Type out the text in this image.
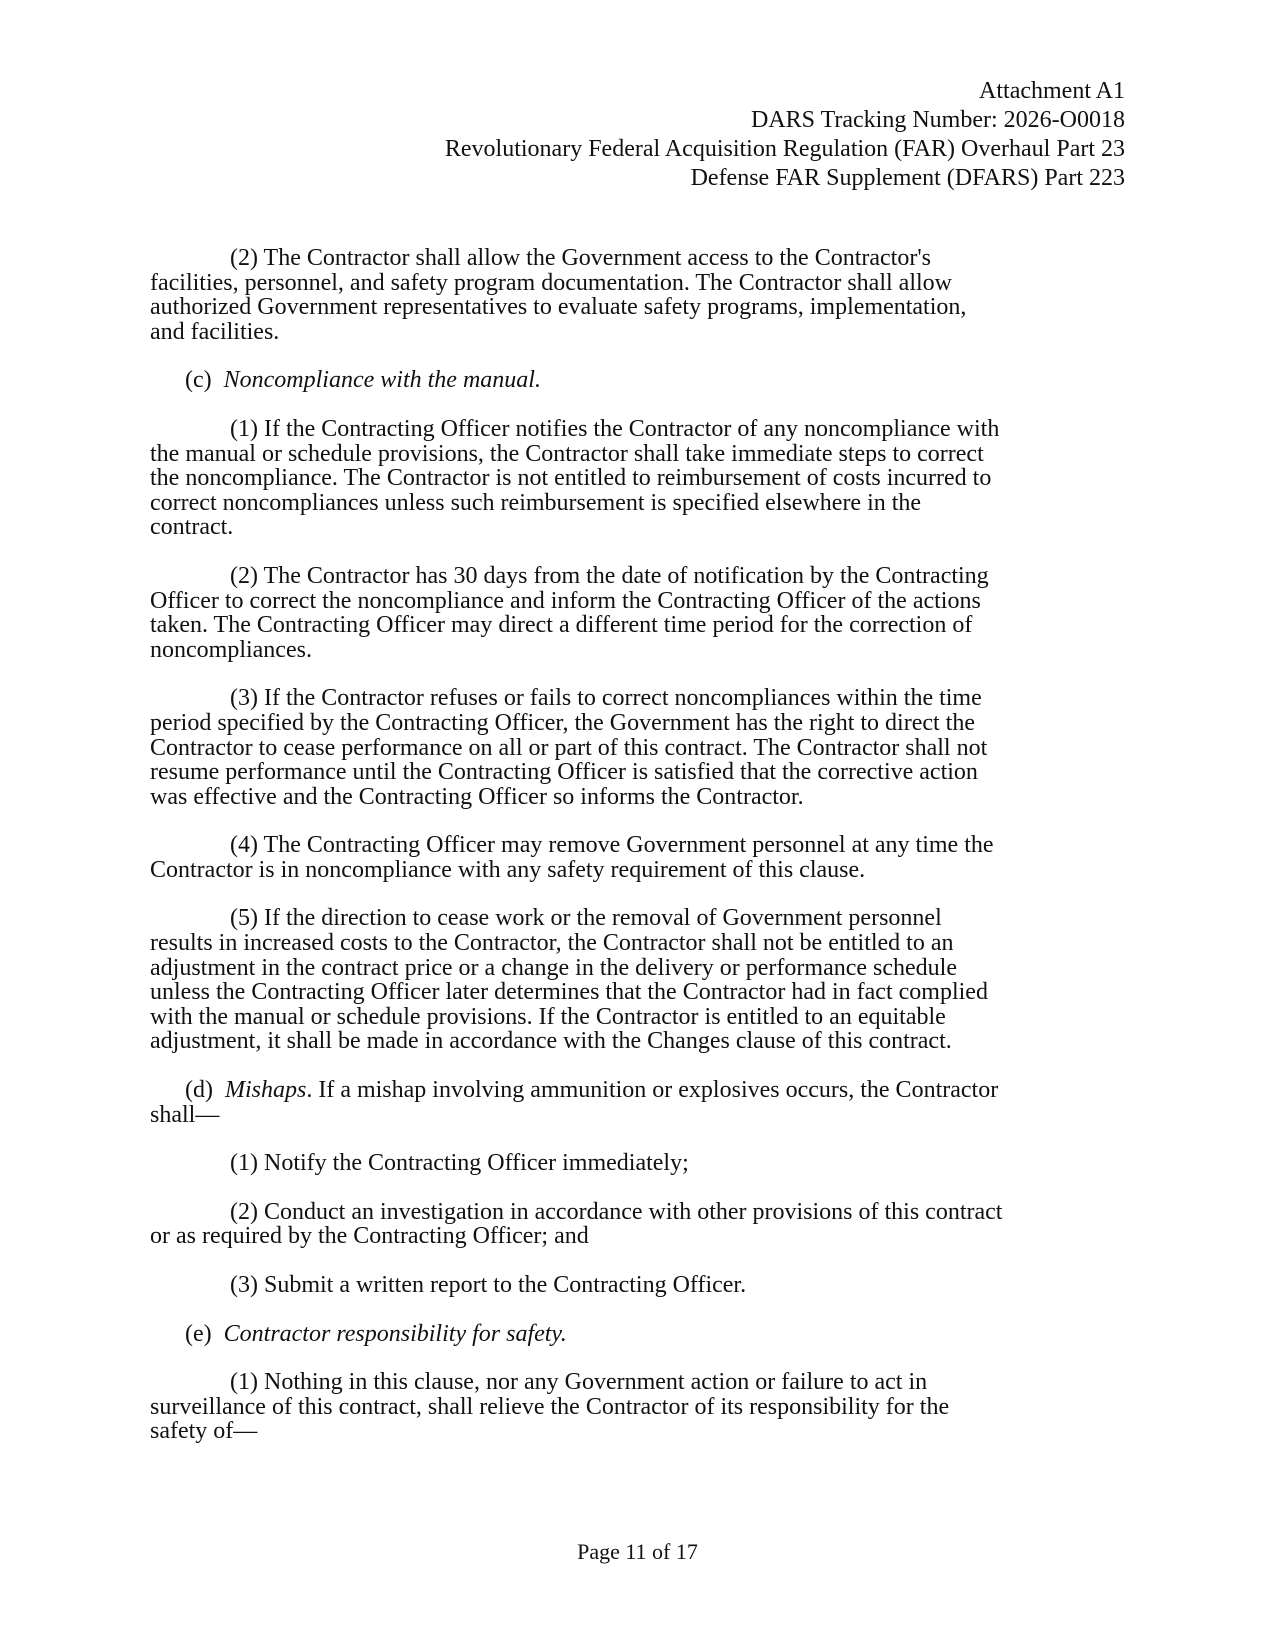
Attachment A1
DARS Tracking Number: 2026-O0018
Revolutionary Federal Acquisition Regulation (FAR) Overhaul Part 23
Defense FAR Supplement (DFARS) Part 223
(2) The Contractor shall allow the Government access to the Contractor's
facilities, personnel, and safety program documentation. The Contractor shall allow
authorized Government representatives to evaluate safety programs, implementation,
and facilities.
(c) Noncompliance with the manual.
(1) If the Contracting Officer notifies the Contractor of any noncompliance with
the manual or schedule provisions, the Contractor shall take immediate steps to correct
the noncompliance. The Contractor is not entitled to reimbursement of costs incurred to
correct noncompliances unless such reimbursement is specified elsewhere in the
contract.
(2) The Contractor has 30 days from the date of notification by the Contracting
Officer to correct the noncompliance and inform the Contracting Officer of the actions
taken. The Contracting Officer may direct a different time period for the correction of
noncompliances.
(3) If the Contractor refuses or fails to correct noncompliances within the time
period specified by the Contracting Officer, the Government has the right to direct the
Contractor to cease performance on all or part of this contract. The Contractor shall not
resume performance until the Contracting Officer is satisfied that the corrective action
was effective and the Contracting Officer so informs the Contractor.
(4) The Contracting Officer may remove Government personnel at any time the
Contractor is in noncompliance with any safety requirement of this clause.
(5) If the direction to cease work or the removal of Government personnel
results in increased costs to the Contractor, the Contractor shall not be entitled to an
adjustment in the contract price or a change in the delivery or performance schedule
unless the Contracting Officer later determines that the Contractor had in fact complied
with the manual or schedule provisions. If the Contractor is entitled to an equitable
adjustment, it shall be made in accordance with the Changes clause of this contract.
(d) Mishaps. If a mishap involving ammunition or explosives occurs, the Contractor
shall—
(1) Notify the Contracting Officer immediately;
(2) Conduct an investigation in accordance with other provisions of this contract
or as required by the Contracting Officer; and
(3) Submit a written report to the Contracting Officer.
(e) Contractor responsibility for safety.
(1) Nothing in this clause, nor any Government action or failure to act in
surveillance of this contract, shall relieve the Contractor of its responsibility for the
safety of—
Page 11 of 17
